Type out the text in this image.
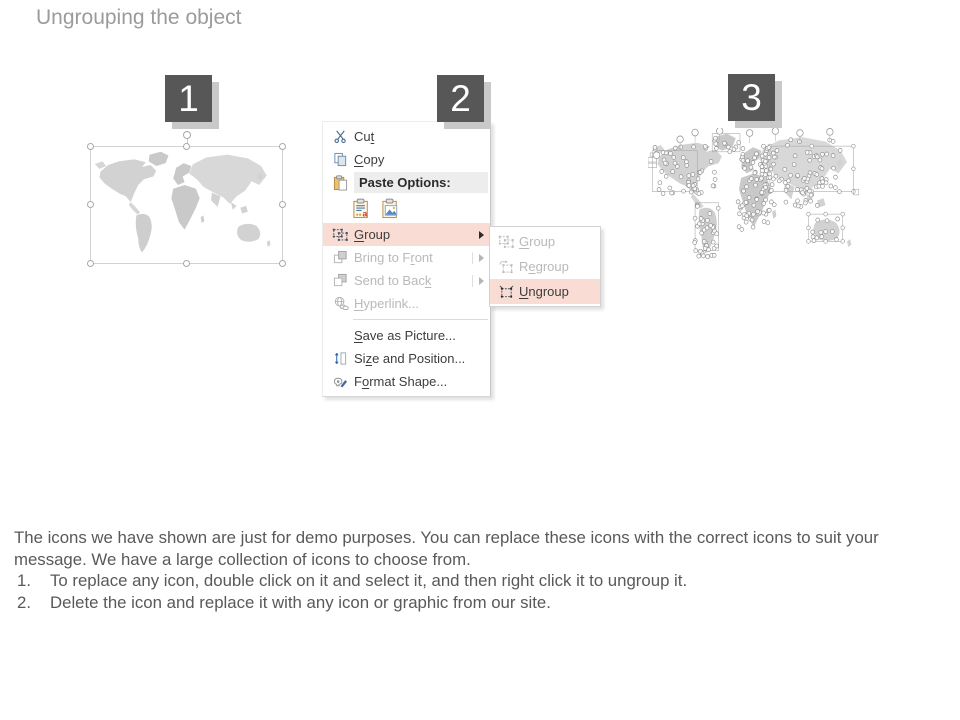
Ungrouping the object
1	2	3
Cut
Copy
Paste Options:
a
Group
Bring to Front
Send to Back
Hyperlink...
Save as Picture...
Size and Position...
Format Shape...
Group
Regroup
Ungroup

The icons we have shown are just for demo purposes. You can replace these icons with the correct icons to suit your message. We have a large collection of icons to choose from.

1.	To replace any icon, double click on it and select it, and then right click it to ungroup it.
2.	Delete the icon and replace it with any icon or graphic from our site.
